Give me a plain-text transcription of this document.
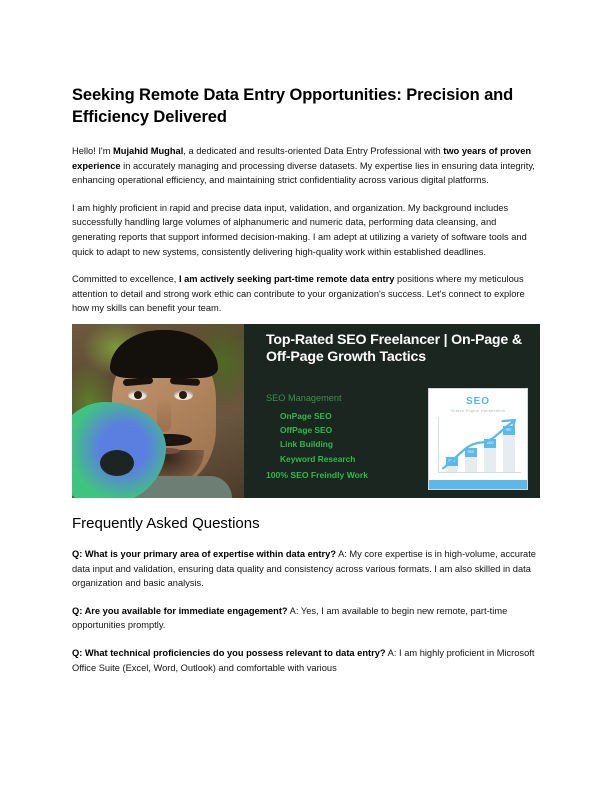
Seeking Remote Data Entry Opportunities: Precision and Efficiency Delivered

Hello! I'm Mujahid Mughal, a dedicated and results-oriented Data Entry Professional with two years of proven experience in accurately managing and processing diverse datasets. My expertise lies in ensuring data integrity, enhancing operational efficiency, and maintaining strict confidentiality across various digital platforms.

I am highly proficient in rapid and precise data input, validation, and organization. My background includes successfully handling large volumes of alphanumeric and numeric data, performing data cleansing, and generating reports that support informed decision-making. I am adept at utilizing a variety of software tools and quick to adapt to new systems, consistently delivering high-quality work within established deadlines.

Committed to excellence, I am actively seeking part-time remote data entry positions where my meticulous attention to detail and strong work ethic can contribute to your organization's success. Let's connect to explore how my skills can benefit your team.

Top-Rated SEO Freelancer | On-Page & Off-Page Growth Tactics
SEO Management
OnPage SEO
OffPage SEO
Link Building
Keyword Research
100% SEO Freindly Work
SEO
Search Engine Optimization
SEO
SEO
SEO
SEO
Frequently Asked Questions

Q: What is your primary area of expertise within data entry? A: My core expertise is in high-volume, accurate data input and validation, ensuring data quality and consistency across various formats. I am also skilled in data organization and basic analysis.

Q: Are you available for immediate engagement? A: Yes, I am available to begin new remote, part-time opportunities promptly.

Q: What technical proficiencies do you possess relevant to data entry? A: I am highly proficient in Microsoft Office Suite (Excel, Word, Outlook) and comfortable with various
